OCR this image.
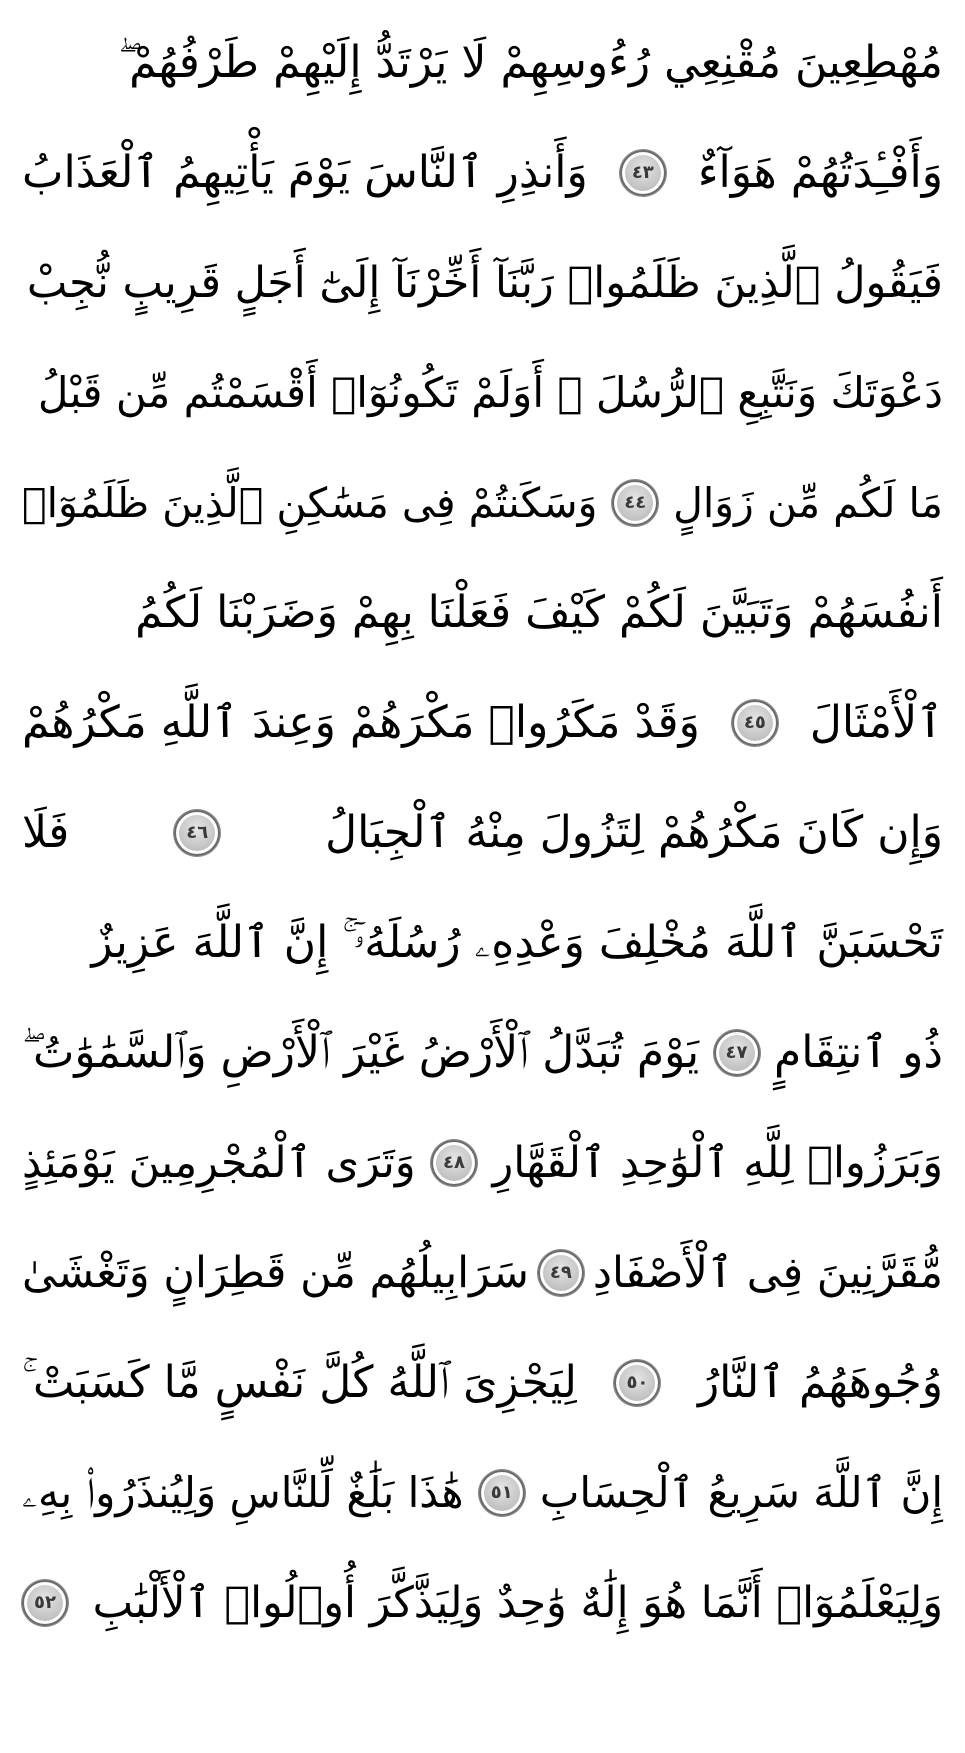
مُهْطِعِينَ مُقْنِعِي رُءُوسِهِمْ لَا يَرْتَدُّ إِلَيْهِمْ طَرْفُهُمْ ۖ
وَأَفْـِٔدَتُهُمْ هَوَآءٌ
٤٣
وَأَنذِرِ ٱلنَّاسَ يَوْمَ يَأْتِيهِمُ ٱلْعَذَابُ
فَيَقُولُ ٱلَّذِينَ ظَلَمُوا۟ رَبَّنَآ أَخِّرْنَآ إِلَىٰٓ أَجَلٍ قَرِيبٍ نُّجِبْ
دَعْوَتَكَ وَنَتَّبِعِ ٱلرُّسُلَ ۗ أَوَلَمْ تَكُونُوٓا۟ أَقْسَمْتُم مِّن قَبْلُ
مَا لَكُم مِّن زَوَالٍ
٤٤
وَسَكَنتُمْ فِى مَسَٰكِنِ ٱلَّذِينَ ظَلَمُوٓا۟
أَنفُسَهُمْ وَتَبَيَّنَ لَكُمْ كَيْفَ فَعَلْنَا بِهِمْ وَضَرَبْنَا لَكُمُ
ٱلْأَمْثَالَ
٤٥
وَقَدْ مَكَرُوا۟ مَكْرَهُمْ وَعِندَ ٱللَّهِ مَكْرُهُمْ
وَإِن كَانَ مَكْرُهُمْ لِتَزُولَ مِنْهُ ٱلْجِبَالُ
٤٦
فَلَا
تَحْسَبَنَّ ٱللَّهَ مُخْلِفَ وَعْدِهِۦ رُسُلَهُۥٓ ۚ إِنَّ ٱللَّهَ عَزِيزٌ
ذُو ٱنتِقَامٍ
٤٧
يَوْمَ تُبَدَّلُ ٱلْأَرْضُ غَيْرَ ٱلْأَرْضِ وَٱلسَّمَٰوَٰتُ ۖ
وَبَرَزُوا۟ لِلَّهِ ٱلْوَٰحِدِ ٱلْقَهَّارِ
٤٨
وَتَرَى ٱلْمُجْرِمِينَ يَوْمَئِذٍ
مُّقَرَّنِينَ فِى ٱلْأَصْفَادِ
٤٩
سَرَابِيلُهُم مِّن قَطِرَانٍ وَتَغْشَىٰ
وُجُوهَهُمُ ٱلنَّارُ
٥٠
لِيَجْزِىَ ٱللَّهُ كُلَّ نَفْسٍ مَّا كَسَبَتْ ۚ
إِنَّ ٱللَّهَ سَرِيعُ ٱلْحِسَابِ
٥١
هَٰذَا بَلَٰغٌ لِّلنَّاسِ وَلِيُنذَرُوا۟ بِهِۦ
وَلِيَعْلَمُوٓا۟ أَنَّمَا هُوَ إِلَٰهٌ وَٰحِدٌ وَلِيَذَّكَّرَ أُو۟لُوا۟ ٱلْأَلْبَٰبِ
٥٢
